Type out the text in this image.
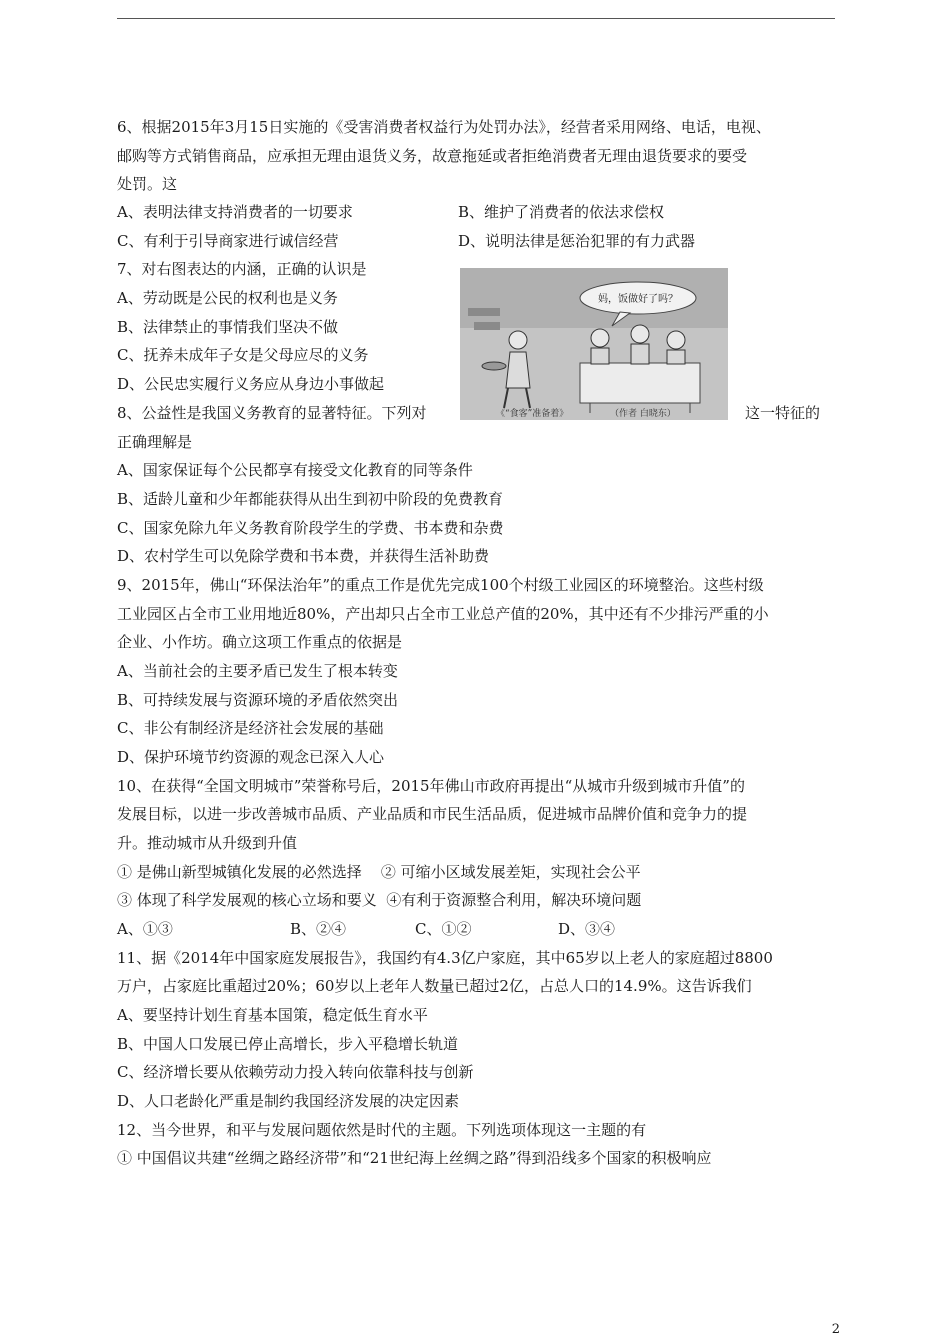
6、根据2015年3月15日实施的《受害消费者权益行为处罚办法》，经营者采用网络、电话，电视、
邮购等方式销售商品，应承担无理由退货义务，故意拖延或者拒绝消费者无理由退货要求的要受
处罚。这
A、表明法律支持消费者的一切要求	B、维护了消费者的依法求偿权
C、有利于引导商家进行诚信经营	D、说明法律是惩治犯罪的有力武器
7、对右图表达的内涵，正确的认识是
A、劳动既是公民的权利也是义务
B、法律禁止的事情我们坚决不做
C、抚养未成年子女是父母应尽的义务
D、公民忠实履行义务应从身边小事做起
妈，饭做好了吗？
《“食客”准备着》	（作者 白晓东）
8、公益性是我国义务教育的显著特征。下列对	这一特征的
正确理解是
A、国家保证每个公民都享有接受文化教育的同等条件
B、适龄儿童和少年都能获得从出生到初中阶段的免费教育
C、国家免除九年义务教育阶段学生的学费、书本费和杂费
D、农村学生可以免除学费和书本费，并获得生活补助费
9、2015年，佛山“环保法治年”的重点工作是优先完成100个村级工业园区的环境整治。这些村级
工业园区占全市工业用地近80%，产出却只占全市工业总产值的20%，其中还有不少排污严重的小
企业、小作坊。确立这项工作重点的依据是
A、当前社会的主要矛盾已发生了根本转变
B、可持续发展与资源环境的矛盾依然突出
C、非公有制经济是经济社会发展的基础
D、保护环境节约资源的观念已深入人心
10、在获得“全国文明城市”荣誉称号后，2015年佛山市政府再提出“从城市升级到城市升值”的
发展目标，以进一步改善城市品质、产业品质和市民生活品质，促进城市品牌价值和竞争力的提
升。推动城市从升级到升值
① 是佛山新型城镇化发展的必然选择    ② 可缩小区域发展差矩，实现社会公平
③ 体现了科学发展观的核心立场和要义  ④有利于资源整合利用，解决环境问题
A、①③	B、②④	C、①②	D、③④
11、据《2014年中国家庭发展报告》，我国约有4.3亿户家庭，其中65岁以上老人的家庭超过8800
万户，占家庭比重超过20%；60岁以上老年人数量已超过2亿，占总人口的14.9%。这告诉我们
A、要坚持计划生育基本国策，稳定低生育水平
B、中国人口发展已停止高增长，步入平稳增长轨道
C、经济增长要从依赖劳动力投入转向依靠科技与创新
D、人口老龄化严重是制约我国经济发展的决定因素
12、当今世界，和平与发展问题依然是时代的主题。下列选项体现这一主题的有
① 中国倡议共建“丝绸之路经济带”和“21世纪海上丝绸之路”得到沿线多个国家的积极响应
2
